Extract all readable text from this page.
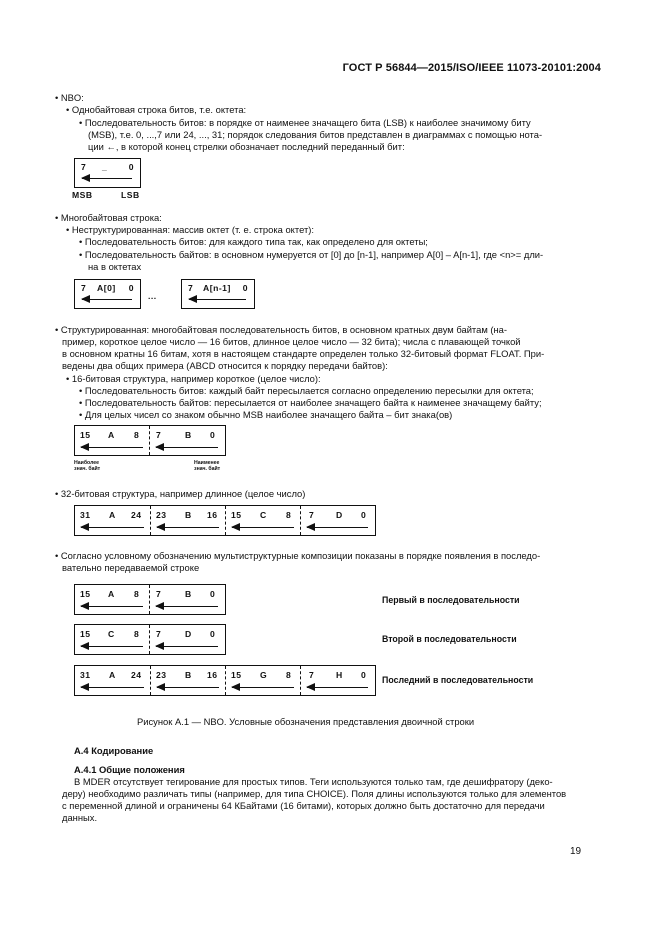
ГОСТ Р 56844—2015/ISO/IEEE 11073-20101:2004
• NBO:
• Однобайтовая строка битов, т.е. октета:
• Последовательность битов: в порядке от наименее значащего бита (LSB) к наиболее значимому биту
(MSB), т.е. 0, ...,7 или 24, ..., 31; порядок следования битов представлен в диаграммах с помощью нота-
ции ←, в которой конец стрелки обозначает последний переданный бит:
7 _ 0
MSB	LSB
• Многобайтовая строка:
• Неструктурированная: массив октет (т. е. строка октет):
• Последовательность битов: для каждого типа так, как определено для октеты;
• Последовательность байтов: в основном нумеруется от [0] до [n-1], например A[0] – A[n-1], где <n>= дли-
на в октетах
7 A[0] 0
...
7 A[n-1] 0
• Структурированная: многобайтовая последовательность битов, в основном кратных двум байтам (на-
пример, короткое целое число — 16 битов, длинное целое число — 32 бита); числа с плавающей точкой
в основном кратны 16 битам, хотя в настоящем стандарте определен только 32-битовый формат FLOAT. При-
ведены два общих примера (ABCD относится к порядку передачи байтов):
• 16-битовая структура, например короткое (целое число):
• Последовательность битов: каждый байт пересылается согласно определению пересылки для октета;
• Последовательность байтов: пересылается от наиболее значащего байта к наименее значащему байту;
• Для целых чисел со знаком обычно MSB наиболее значащего байта – бит знака(ов)
15 A 8 7	B 0
Наиболее
знач. байт
Наименее
знач. байт
• 32-битовая структура, например длинное (целое число)
31 A 24 23 B 16 15 C 8 7	D 0
• Согласно условному обозначению мультиструктурные композиции показаны в порядке появления в последо-
вательно передаваемой строке
15 A 8 7	B 0
Первый в последовательности
15 C 8 7	D 0	Второй в последовательности
31 A 24 23 B 16 15 G 8 7	H 0 Последний в последовательности
Рисунок А.1 — NBO. Условные обозначения представления двоичной строки
А.4 Кодирование
А.4.1 Общие положения
В MDER отсутствует тегирование для простых типов. Теги используются только там, где дешифратору (деко-
деру) необходимо различать типы (например, для типа CHOICE). Поля длины используются только для элементов
с переменной длиной и ограничены 64 КБайтами (16 битами), которых должно быть достаточно для передачи
данных.
19
